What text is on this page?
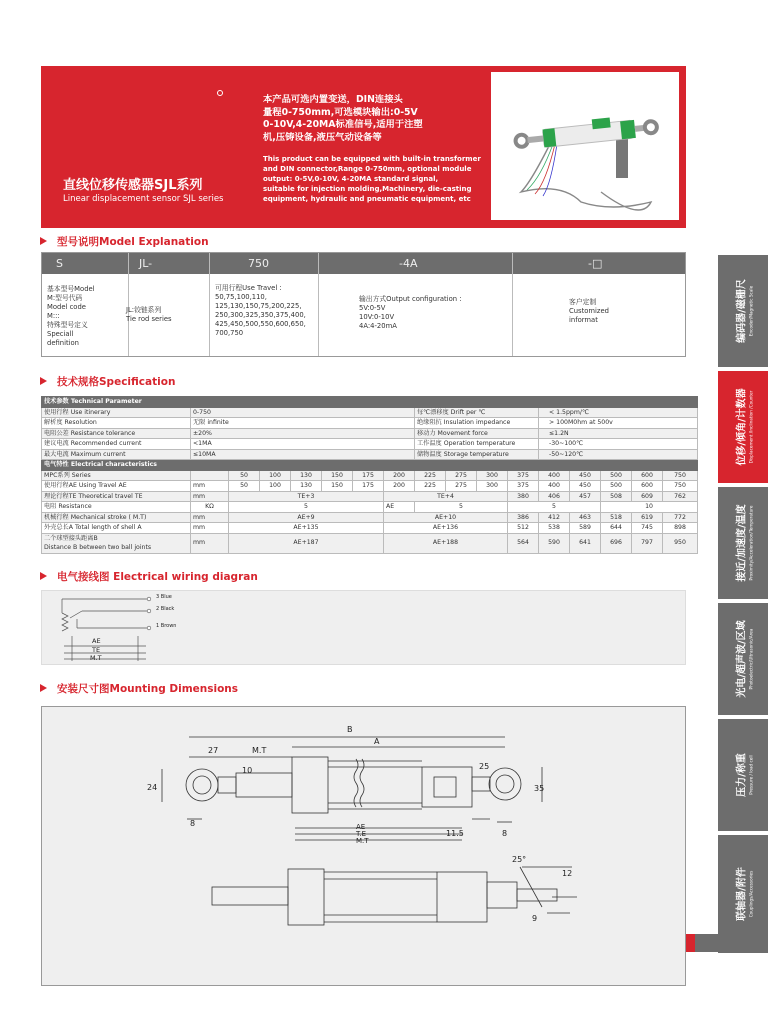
直线位移传感器SJL系列
Linear displacement sensor SJL series
本产品可选内置变送，DIN连接头
量程0-750mm,可选模块输出:0-5V
0-10V,4-20MA标准信号,适用于注塑
机,压铸设备,液压气动设备等
This product can be equipped with built-in transformer
and DIN connector,Range 0-750mm, optional module
output: 0-5V,0-10V, 4-20MA standard signal,
suitable for injection molding,Machinery, die-casting
equipment, hydraulic and pneumatic equipment, etc
型号说明Model Explanation
S	JL-	750	-4A	-□
基本型号Model
M:型号代码
Model code
M:::
特殊型号定义
Speciall
definition
JL:铰链系列
Tie rod series
可用行程Use Travel :
50,75,100,110,
125,130,150,75,200,225,
250,300,325,350,375,400,
425,450,500,550,600,650,
700,750
输出方式Output configuration :
5V:0-5V
10V:0-10V
4A:4-20mA
客户定制
Customized
informat
技术规格Specification
技术参数 Technical Parameter																
使用行程 Use itinerary	0-750							每℃漂移度 Drift per ℃				< 1.5ppm/℃				
解析度 Resolution	无限 infinite							绝缘阻抗 Insulation impedance				> 100M0hm at 500v				
电阻公差 Resistance tolerance	±20%							移动力 Movement force				≤1.2N				
建议电流 Recommended current	<1MA							工作温度 Operation temperature				-30~100℃				
最大电流 Maximum current	≤10MA							储物温度 Storage temperature				-50~120℃				
电气特性 Electrical characteristics																
MPC系列 Series		50	100	130	150	175	200	225	275	300	375	400	450	500	600	750
使用行程AE Using Travel AE	mm	50	100	130	150	175	200	225	275	300	375	400	450	500	600	750
理论行程TE Theoretical travel TE	mm	TE+3					TE+4				380	406	457	508	609	762
电阻 Resistance	KΩ	5					AE	5			5			10		
机械行程 Mechanical stroke ( M.T)	mm	AE+9					AE+10				386	412	463	518	619	772
外壳总长A Total length of shell A	mm	AE+135					AE+136				512	538	589	644	745	898

二个球型接头距离B
Distance B between two ball joints	mm	AE+187					AE+188				564	590	641	696	797	950
电气接线图 Electrical wiring diagran
3 Blue
2 Black
1 Brown
AE
TE
M.T
安装尺寸图Mounting Dimensions
B
A
27	M.T
10
24
8
25
35
11.5	8
AE
T.E
M.T
25°
12
9
编码器/磁栅尺 Encoder/Magnetic Scale
位移/倾角/计数器 Displacement /Inclination /Counter
接近/加速度/温度 Proximity/Acceleration/Temperature
光电/超声波/区域 Photoelectric/Ultrasonic/Area
压力/称重 Pressure / load cell
联轴器/附件 Couplings/Accessories
